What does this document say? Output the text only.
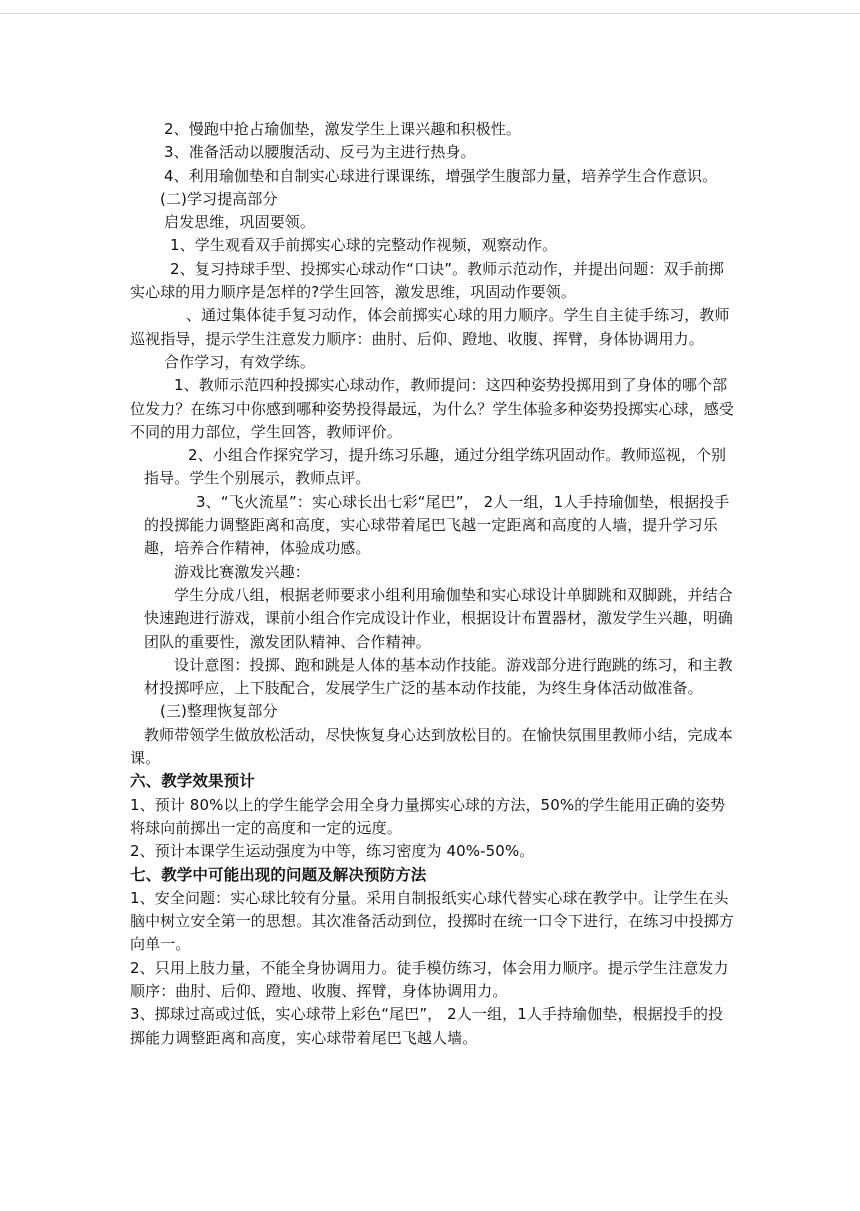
2、慢跑中抢占瑜伽垫，激发学生上课兴趣和积极性。

3、准备活动以腰腹活动、反弓为主进行热身。

4、利用瑜伽垫和自制实心球进行课课练，增强学生腹部力量，培养学生合作意识。

(二)学习提高部分

启发思维，巩固要领。

1、学生观看双手前掷实心球的完整动作视频，观察动作。

2、复习持球手型、投掷实心球动作“口诀”。教师示范动作，并提出问题：双手前掷实心球的用力顺序是怎样的?学生回答，激发思维，巩固动作要领。

、通过集体徒手复习动作，体会前掷实心球的用力顺序。学生自主徒手练习，教师巡视指导，提示学生注意发力顺序：曲肘、后仰、蹬地、收腹、挥臂，身体协调用力。

合作学习，有效学练。

1、教师示范四种投掷实心球动作，教师提问：这四种姿势投掷用到了身体的哪个部位发力？在练习中你感到哪种姿势投得最远，为什么？学生体验多种姿势投掷实心球，感受不同的用力部位，学生回答，教师评价。

2、小组合作探究学习，提升练习乐趣，通过分组学练巩固动作。教师巡视，个别指导。学生个别展示，教师点评。

3、“飞火流星”：实心球长出七彩“尾巴”， 2人一组，1人手持瑜伽垫，根据投手的投掷能力调整距离和高度，实心球带着尾巴飞越一定距离和高度的人墙，提升学习乐趣，培养合作精神，体验成功感。

游戏比赛激发兴趣：

学生分成八组，根据老师要求小组利用瑜伽垫和实心球设计单脚跳和双脚跳，并结合快速跑进行游戏，课前小组合作完成设计作业，根据设计布置器材，激发学生兴趣，明确团队的重要性，激发团队精神、合作精神。

设计意图：投掷、跑和跳是人体的基本动作技能。游戏部分进行跑跳的练习，和主教材投掷呼应，上下肢配合，发展学生广泛的基本动作技能，为终生身体活动做准备。

(三)整理恢复部分

教师带领学生做放松活动，尽快恢复身心达到放松目的。在愉快氛围里教师小结，完成本课。

六、教学效果预计

1、预计 80%以上的学生能学会用全身力量掷实心球的方法，50%的学生能用正确的姿势将球向前掷出一定的高度和一定的远度。

2、预计本课学生运动强度为中等，练习密度为 40%-50%。

七、教学中可能出现的问题及解决预防方法

1、安全问题：实心球比较有分量。采用自制报纸实心球代替实心球在教学中。让学生在头脑中树立安全第一的思想。其次准备活动到位，投掷时在统一口令下进行，在练习中投掷方向单一。

2、只用上肢力量，不能全身协调用力。徒手模仿练习，体会用力顺序。提示学生注意发力顺序：曲肘、后仰、蹬地、收腹、挥臂，身体协调用力。

3、掷球过高或过低，实心球带上彩色“尾巴”， 2人一组，1人手持瑜伽垫，根据投手的投掷能力调整距离和高度，实心球带着尾巴飞越人墙。
